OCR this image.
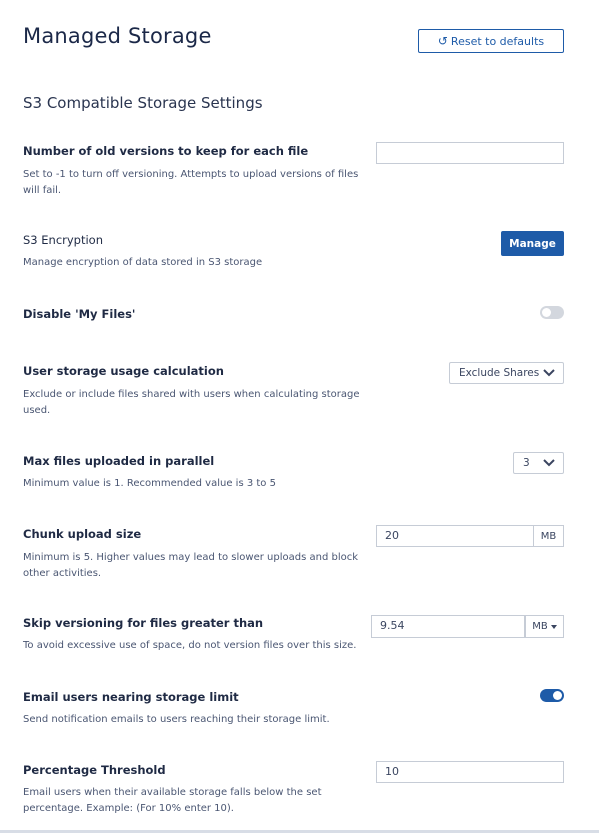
Managed Storage	↺ Reset to defaults
S3 Compatible Storage Settings
Number of old versions to keep for each file
Set to -1 to turn off versioning. Attempts to upload versions of files will fail.
S3 Encryption
Manage encryption of data stored in S3 storage
Manage
Disable 'My Files'
User storage usage calculation
Exclude or include files shared with users when calculating storage used.
Exclude Shares
Max files uploaded in parallel
Minimum value is 1. Recommended value is 3 to 5
3
Chunk upload size
Minimum is 5. Higher values may lead to slower uploads and block other activities.
20	MB
Skip versioning for files greater than
To avoid excessive use of space, do not version files over this size.
9.54	MB
Email users nearing storage limit
Send notification emails to users reaching their storage limit.
Percentage Threshold
Email users when their available storage falls below the set percentage. Example: (For 10% enter 10).
10
